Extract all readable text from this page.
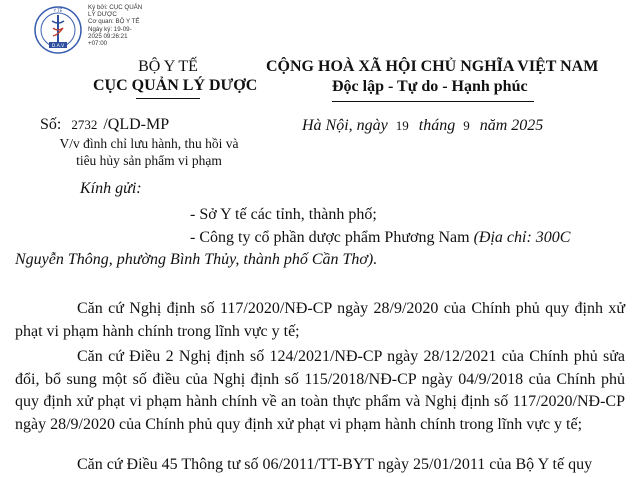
D.A.V
Y TẾ	Ký bởi: CỤC QUẢN
LÝ DƯỢC
Cơ quan: BỘ Y TẾ
Ngày ký: 19-09-
2025 09:26:21
+07:00
BỘ Y TẾ
CỤC QUẢN LÝ DƯỢC
CỘNG HOÀ XÃ HỘI CHỦ NGHĨA VIỆT NAM
Độc lập - Tự do - Hạnh phúc
Số: 2732 /QLD-MP
V/v đình chỉ lưu hành, thu hồi và
tiêu hủy sản phẩm vi phạm
Hà Nội, ngày 19 tháng 9 năm 2025
Kính gửi:
- Sở Y tế các tỉnh, thành phố;
- Công ty cổ phần dược phẩm Phương Nam (Địa chỉ: 300C
Nguyễn Thông, phường Bình Thủy, thành phố Cần Thơ).
Căn cứ Nghị định số 117/2020/NĐ-CP ngày 28/9/2020 của Chính phủ quy định xử phạt vi phạm hành chính trong lĩnh vực y tế;
Căn cứ Điều 2 Nghị định số 124/2021/NĐ-CP ngày 28/12/2021 của Chính phủ sửa đổi, bổ sung một số điều của Nghị định số 115/2018/NĐ-CP ngày 04/9/2018 của Chính phủ quy định xử phạt vi phạm hành chính về an toàn thực phẩm và Nghị định số 117/2020/NĐ-CP ngày 28/9/2020 của Chính phủ quy định xử phạt vi phạm hành chính trong lĩnh vực y tế;
Căn cứ Điều 45 Thông tư số 06/2011/TT-BYT ngày 25/01/2011 của Bộ Y tế quy
